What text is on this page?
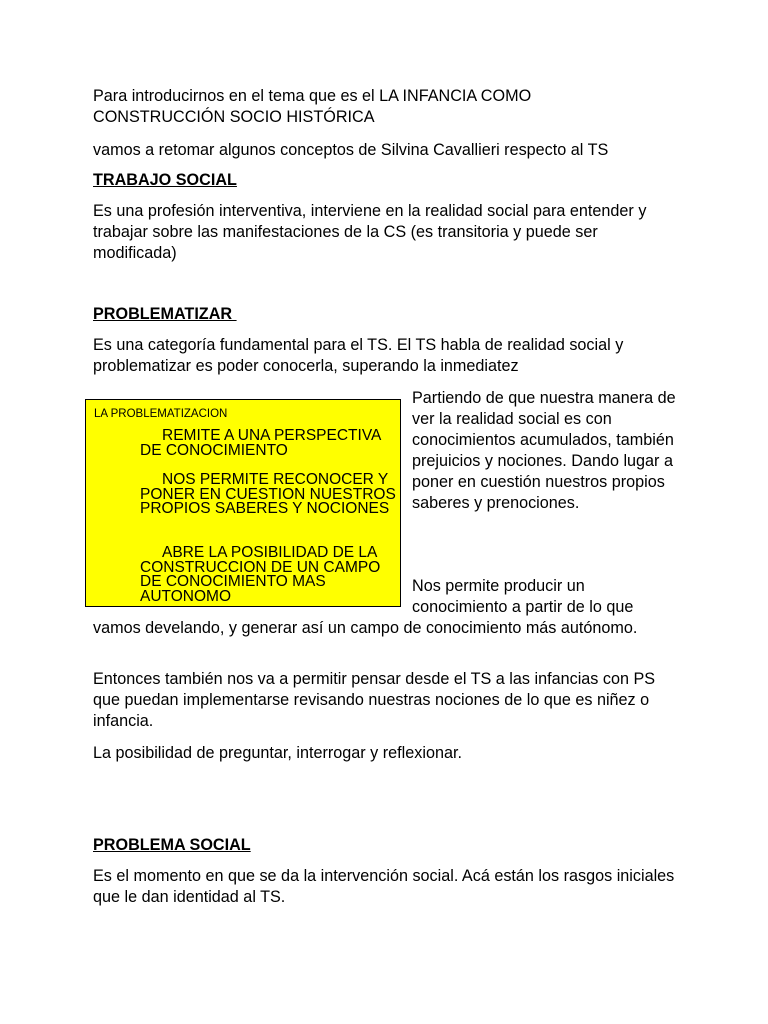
Para introducirnos en el tema que es el LA INFANCIA COMO

CONSTRUCCIÓN SOCIO HISTÓRICA

vamos a retomar algunos conceptos de Silvina Cavallieri respecto al TS

TRABAJO SOCIAL

Es una profesión interventiva, interviene en la realidad social para entender y trabajar sobre las manifestaciones de la CS (es transitoria y puede ser modificada)

PROBLEMATIZAR

Es una categoría fundamental para el TS. El TS habla de realidad social y problematizar es poder conocerla, superando la inmediatez

LA PROBLEMATIZACION

REMITE A UNA PERSPECTIVA DE CONOCIMIENTO

NOS PERMITE RECONOCER Y PONER EN CUESTION NUESTROS PROPIOS SABERES Y NOCIONES

ABRE LA POSIBILIDAD DE LA CONSTRUCCION DE UN CAMPO DE CONOCIMIENTO MAS AUTONOMO

Partiendo de que nuestra manera de ver la realidad social es con conocimientos acumulados, también prejuicios y nociones. Dando lugar a poner en cuestión nuestros propios saberes y prenociones.

Nos permite producir un

conocimiento a partir de lo que

vamos develando, y generar así un campo de conocimiento más autónomo.

Entonces también nos va a permitir pensar desde el TS a las infancias con PS que puedan implementarse revisando nuestras nociones de lo que es niñez o infancia.

La posibilidad de preguntar, interrogar y reflexionar.

PROBLEMA SOCIAL

Es el momento en que se da la intervención social. Acá están los rasgos iniciales que le dan identidad al TS.
